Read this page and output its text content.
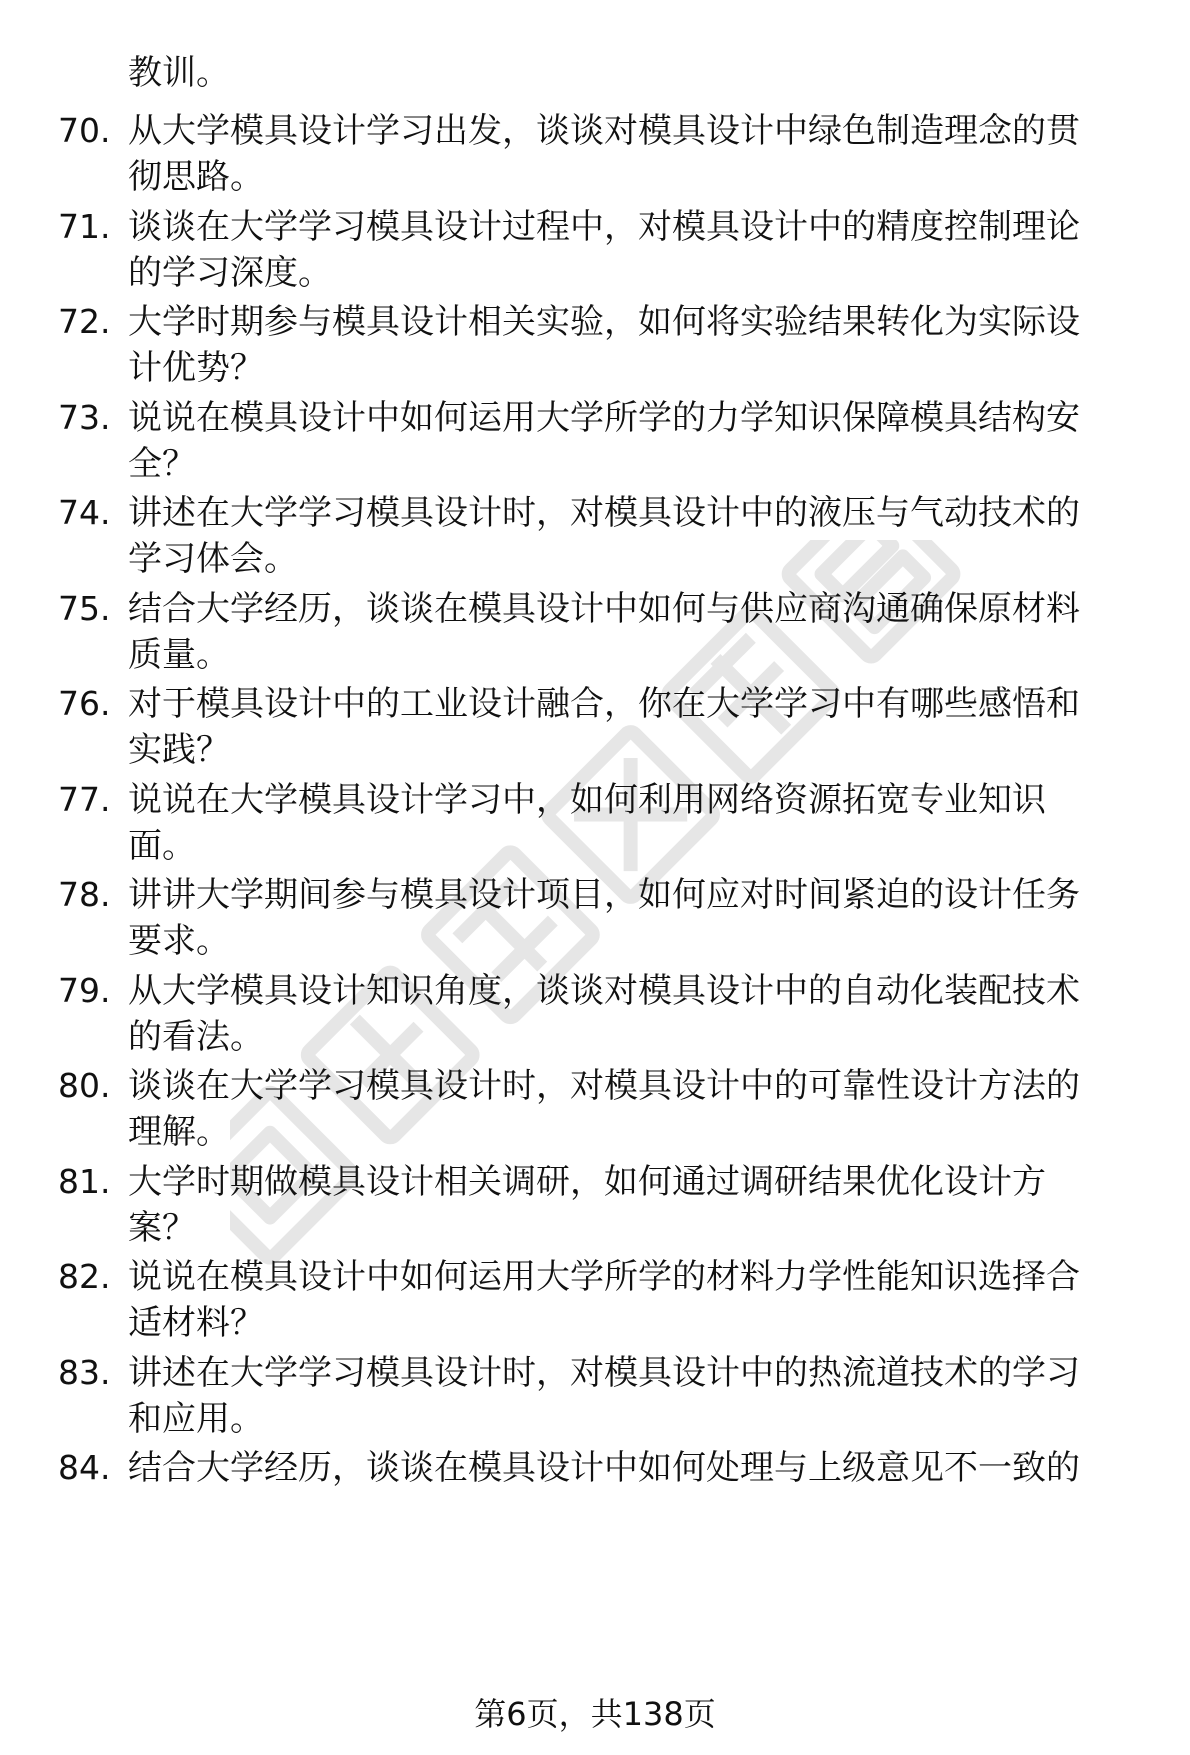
教训。
70. 从大学模具设计学习出发，谈谈对模具设计中绿色制造理念的贯
彻思路。
71. 谈谈在大学学习模具设计过程中，对模具设计中的精度控制理论
的学习深度。
72. 大学时期参与模具设计相关实验，如何将实验结果转化为实际设
计优势？
73. 说说在模具设计中如何运用大学所学的力学知识保障模具结构安
全？
74. 讲述在大学学习模具设计时，对模具设计中的液压与气动技术的
学习体会。
75. 结合大学经历，谈谈在模具设计中如何与供应商沟通确保原材料
质量。
76. 对于模具设计中的工业设计融合，你在大学学习中有哪些感悟和
实践？
77. 说说在大学模具设计学习中，如何利用网络资源拓宽专业知识
面。
78. 讲讲大学期间参与模具设计项目，如何应对时间紧迫的设计任务
要求。
79. 从大学模具设计知识角度，谈谈对模具设计中的自动化装配技术
的看法。
80. 谈谈在大学学习模具设计时，对模具设计中的可靠性设计方法的
理解。
81. 大学时期做模具设计相关调研，如何通过调研结果优化设计方
案？
82. 说说在模具设计中如何运用大学所学的材料力学性能知识选择合
适材料？
83. 讲述在大学学习模具设计时，对模具设计中的热流道技术的学习
和应用。
84. 结合大学经历，谈谈在模具设计中如何处理与上级意见不一致的
第6页，共138页
